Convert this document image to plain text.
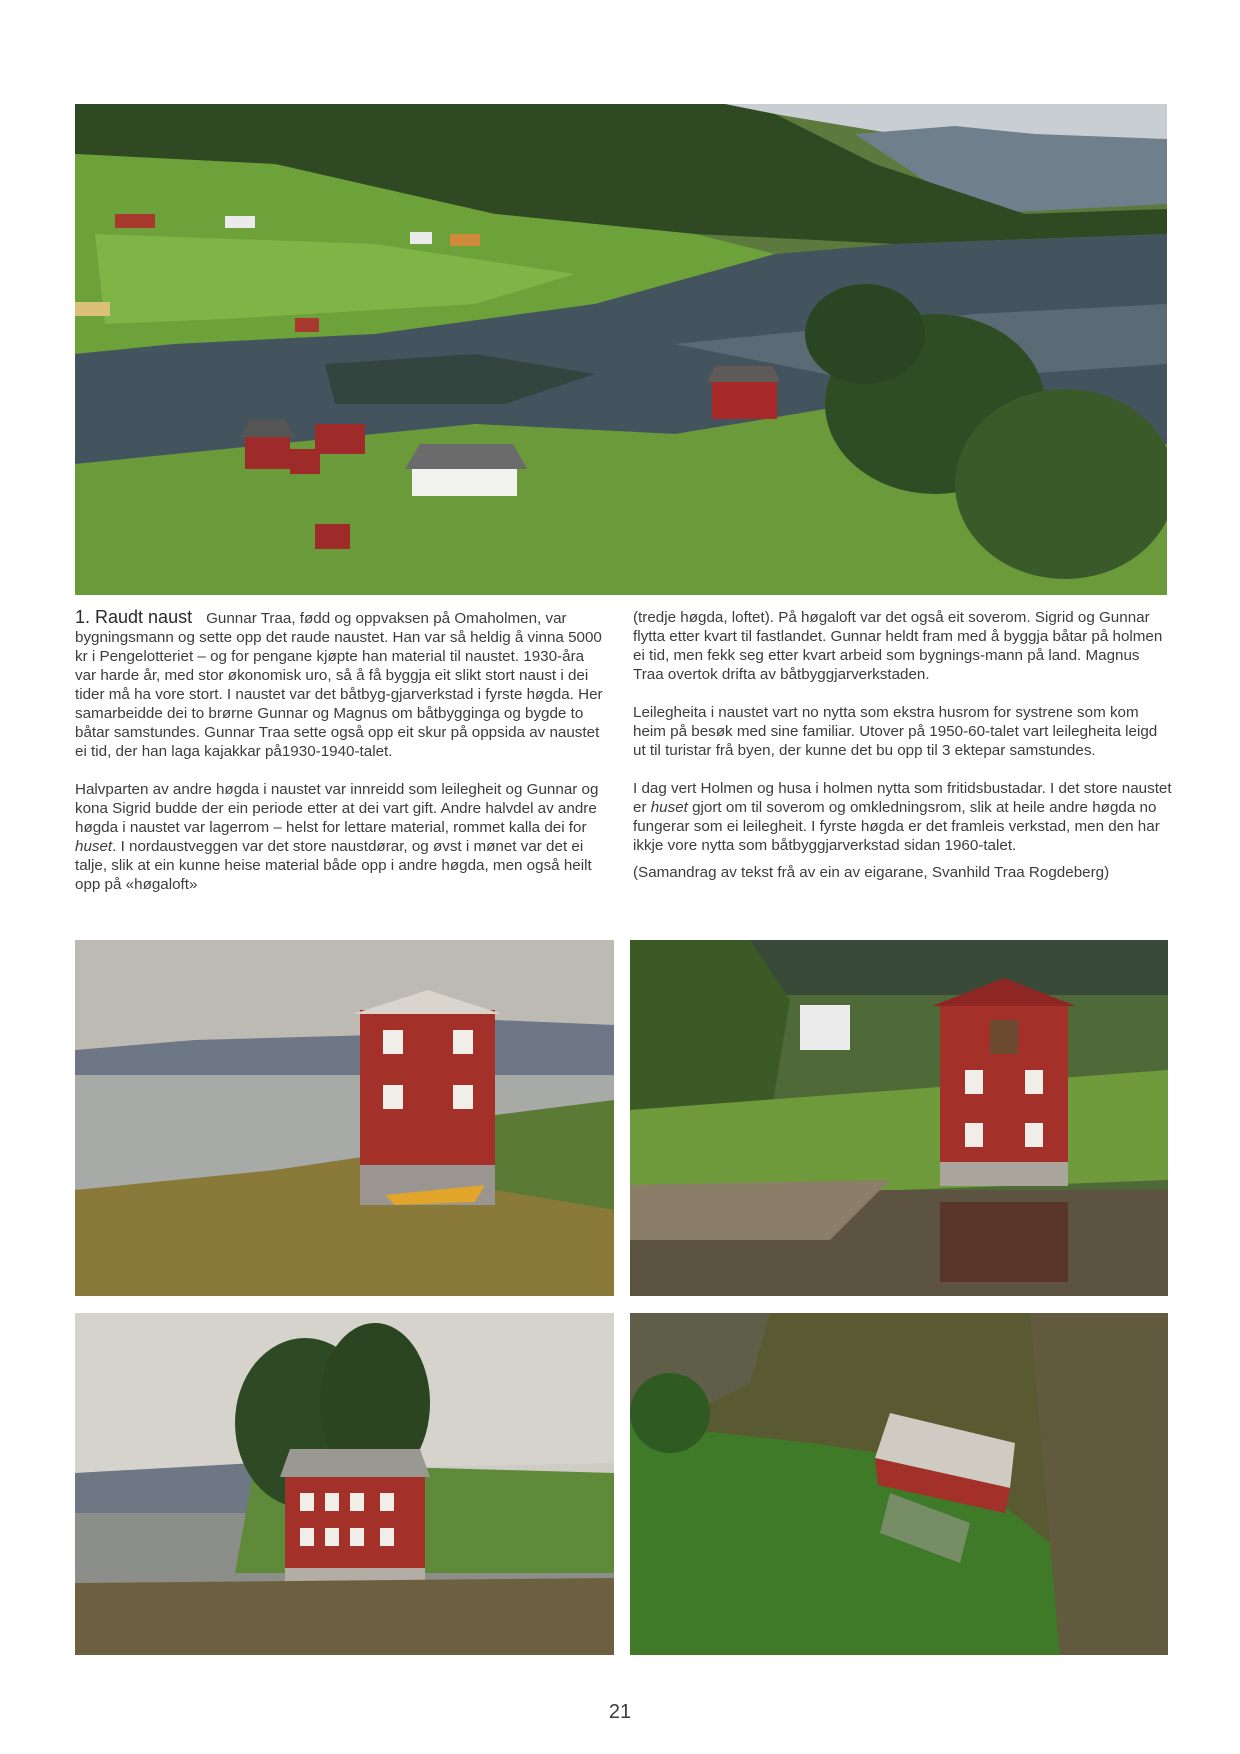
1. Raudt naust Gunnar Traa, fødd og oppvaksen på Omaholmen, var bygningsmann og sette opp det raude naustet. Han var så heldig å vinna 5000 kr i Pengelotteriet – og for pengane kjøpte han material til naustet. 1930-åra var harde år, med stor økonomisk uro, så å få byggja eit slikt stort naust i dei tider må ha vore stort. I naustet var det båtbyg-gjarverkstad i fyrste høgda. Her samarbeidde dei to brørne Gunnar og Magnus om båtbygginga og bygde to båtar samstundes. Gunnar Traa sette også opp eit skur på oppsida av naustet ei tid, der han laga kajakkar på1930-1940-talet.

Halvparten av andre høgda i naustet var innreidd som leilegheit og Gunnar og kona Sigrid budde der ein periode etter at dei vart gift. Andre halvdel av andre høgda i naustet var lagerrom – helst for lettare material, rommet kalla dei for huset. I nordaustveggen var det store naustdørar, og øvst i mønet var det ei talje, slik at ein kunne heise material både opp i andre høgda, men også heilt opp på «høgaloft»

(tredje høgda, loftet). På høgaloft var det også eit soverom. Sigrid og Gunnar flytta etter kvart til fastlandet. Gunnar heldt fram med å byggja båtar på holmen ei tid, men fekk seg etter kvart arbeid som bygnings-mann på land. Magnus Traa overtok drifta av båtbyggjarverkstaden.

Leilegheita i naustet vart no nytta som ekstra husrom for systrene som kom heim på besøk med sine familiar. Utover på 1950-60-talet vart leilegheita leigd ut til turistar frå byen, der kunne det bu opp til 3 ektepar samstundes.

I dag vert Holmen og husa i holmen nytta som fritidsbustadar. I det store naustet er huset gjort om til soverom og omkledningsrom, slik at heile andre høgda no fungerar som ei leilegheit. I fyrste høgda er det framleis verkstad, men den har ikkje vore nytta som båtbyggjarverkstad sidan 1960-talet.

(Samandrag av tekst frå av ein av eigarane, Svanhild Traa Rogdeberg)

21
